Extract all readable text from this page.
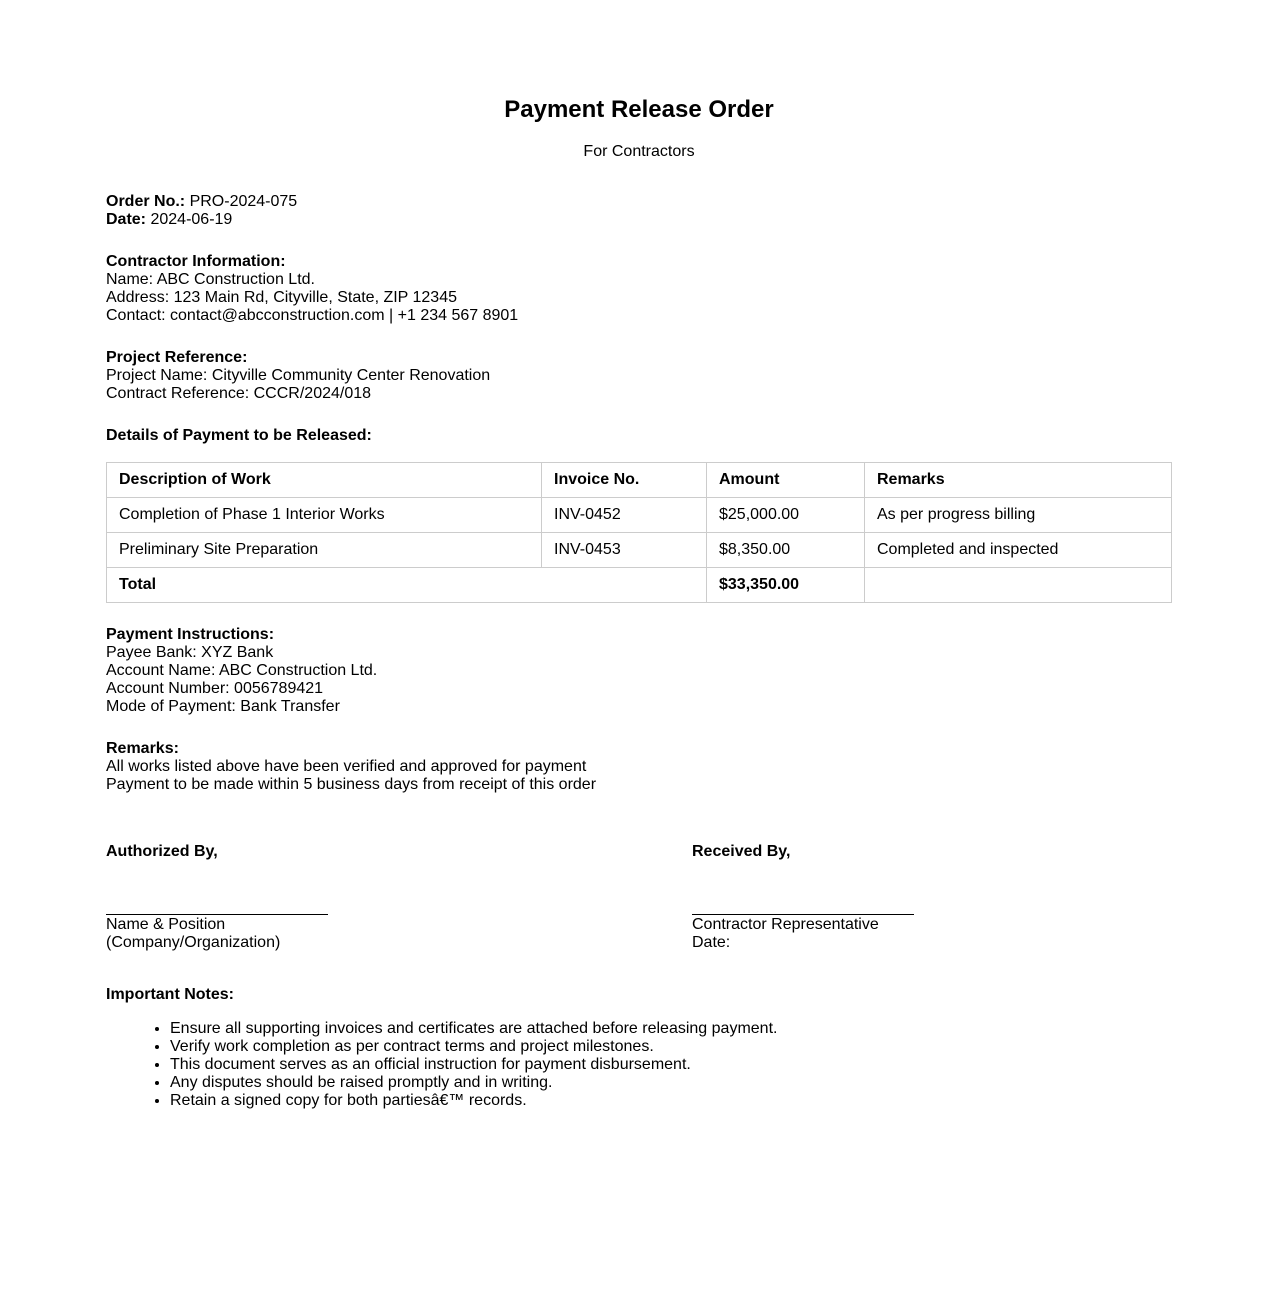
Payment Release Order
For Contractors
Order No.: PRO-2024-075
Date: 2024-06-19
Contractor Information:
Name: ABC Construction Ltd.
Address: 123 Main Rd, Cityville, State, ZIP 12345
Contact: contact@abcconstruction.com | +1 234 567 8901
Project Reference:
Project Name: Cityville Community Center Renovation
Contract Reference: CCCR/2024/018
Details of Payment to be Released:
Description of Work	Invoice No.	Amount	Remarks
Completion of Phase 1 Interior Works	INV-0452	$25,000.00	As per progress billing
Preliminary Site Preparation	INV-0453	$8,350.00	Completed and inspected
Total		$33,350.00	
Payment Instructions:
Payee Bank: XYZ Bank
Account Name: ABC Construction Ltd.
Account Number: 0056789421
Mode of Payment: Bank Transfer
Remarks:
All works listed above have been verified and approved for payment
Payment to be made within 5 business days from receipt of this order
Authorized By,
Name & Position
(Company/Organization)
Received By,
Contractor Representative
Date:
Important Notes:
• Ensure all supporting invoices and certificates are attached before releasing payment.
• Verify work completion as per contract terms and project milestones.
• This document serves as an official instruction for payment disbursement.
• Any disputes should be raised promptly and in writing.
• Retain a signed copy for both partiesâ€™ records.
